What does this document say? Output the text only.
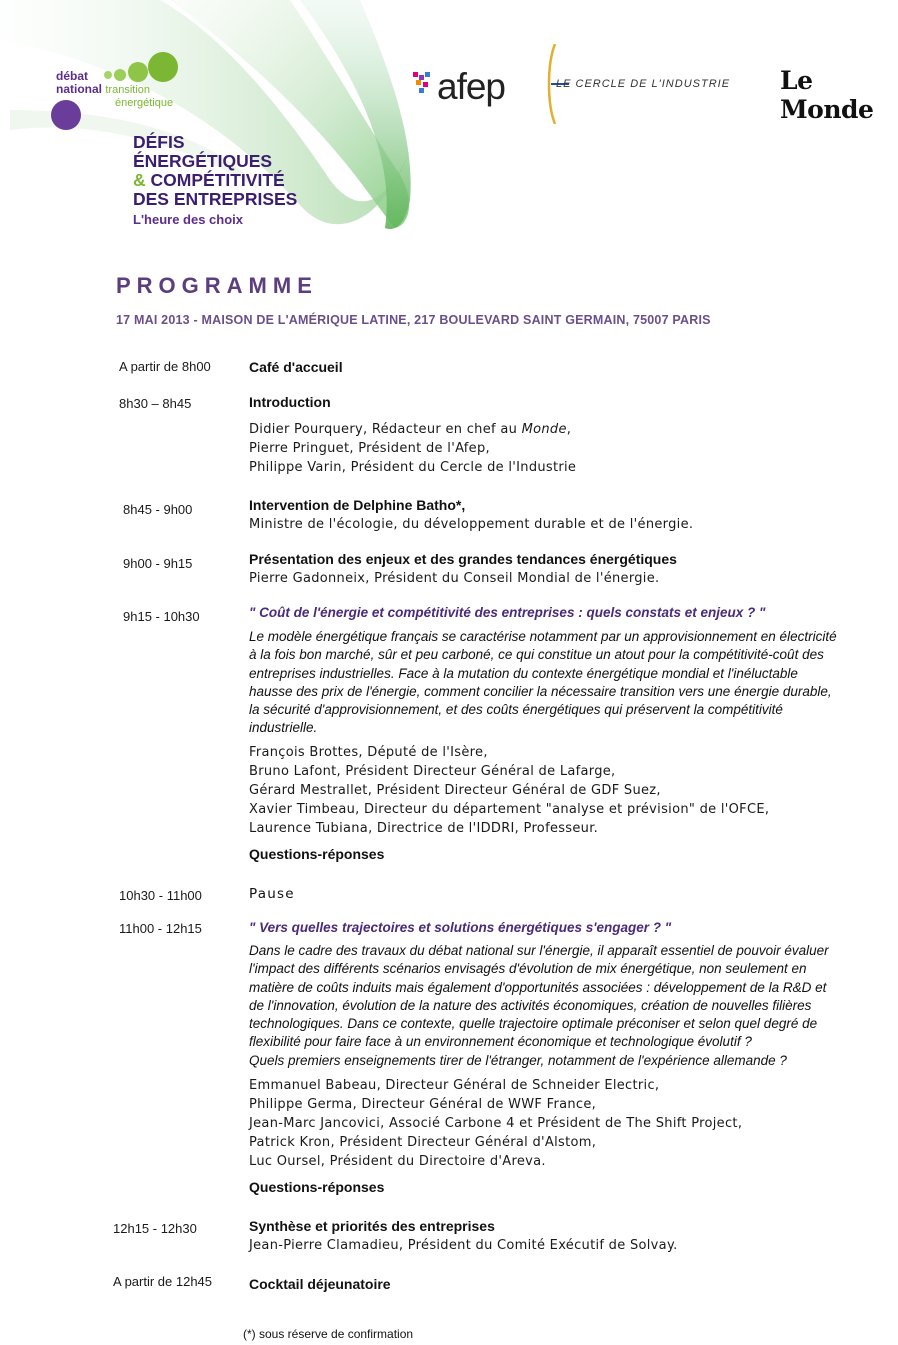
débat
national transition
énergétique	afep	LE CERCLE DE L'INDUSTRIE Le Monde
DÉFIS
ÉNERGÉTIQUES
& COMPÉTITIVITÉ
DES ENTREPRISES
L'heure des choix
PROGRAMME
17 MAI 2013 - MAISON DE L'AMÉRIQUE LATINE, 217 BOULEVARD SAINT GERMAIN, 75007 PARIS
A partir de 8h00	Café d'accueil
8h30 – 8h45	Introduction
Didier Pourquery, Rédacteur en chef au Monde,
Pierre Pringuet, Président de l'Afep,
Philippe Varin, Président du Cercle de l'Industrie
8h45 - 9h00	Intervention de Delphine Batho*,
Ministre de l'écologie, du développement durable et de l'énergie.
9h00 - 9h15	Présentation des enjeux et des grandes tendances énergétiques
Pierre Gadonneix, Président du Conseil Mondial de l'énergie.
9h15 - 10h30	" Coût de l'énergie et compétitivité des entreprises : quels constats et enjeux ? "
Le modèle énergétique français se caractérise notamment par un approvisionnement en électricité
à la fois bon marché, sûr et peu carboné, ce qui constitue un atout pour la compétitivité-coût des
entreprises industrielles. Face à la mutation du contexte énergétique mondial et l'inéluctable
hausse des prix de l'énergie, comment concilier la nécessaire transition vers une énergie durable,
la sécurité d'approvisionnement, et des coûts énergétiques qui préservent la compétitivité
industrielle.
François Brottes, Député de l'Isère,
Bruno Lafont, Président Directeur Général de Lafarge,
Gérard Mestrallet, Président Directeur Général de GDF Suez,
Xavier Timbeau, Directeur du département "analyse et prévision" de l'OFCE,
Laurence Tubiana, Directrice de l'IDDRI, Professeur.
Questions-réponses
10h30 - 11h00	Pause
11h00 - 12h15	" Vers quelles trajectoires et solutions énergétiques s'engager ? "
Dans le cadre des travaux du débat national sur l'énergie, il apparaît essentiel de pouvoir évaluer
l'impact des différents scénarios envisagés d'évolution de mix énergétique, non seulement en
matière de coûts induits mais également d'opportunités associées : développement de la R&D et
de l'innovation, évolution de la nature des activités économiques, création de nouvelles filières
technologiques. Dans ce contexte, quelle trajectoire optimale préconiser et selon quel degré de
flexibilité pour faire face à un environnement économique et technologique évolutif ?
Quels premiers enseignements tirer de l'étranger, notamment de l'expérience allemande ?
Emmanuel Babeau, Directeur Général de Schneider Electric,
Philippe Germa, Directeur Général de WWF France,
Jean-Marc Jancovici, Associé Carbone 4 et Président de The Shift Project,
Patrick Kron, Président Directeur Général d'Alstom,
Luc Oursel, Président du Directoire d'Areva.
Questions-réponses
12h15 - 12h30	Synthèse et priorités des entreprises
Jean-Pierre Clamadieu, Président du Comité Exécutif de Solvay.
A partir de 12h45	Cocktail déjeunatoire
(*) sous réserve de confirmation
